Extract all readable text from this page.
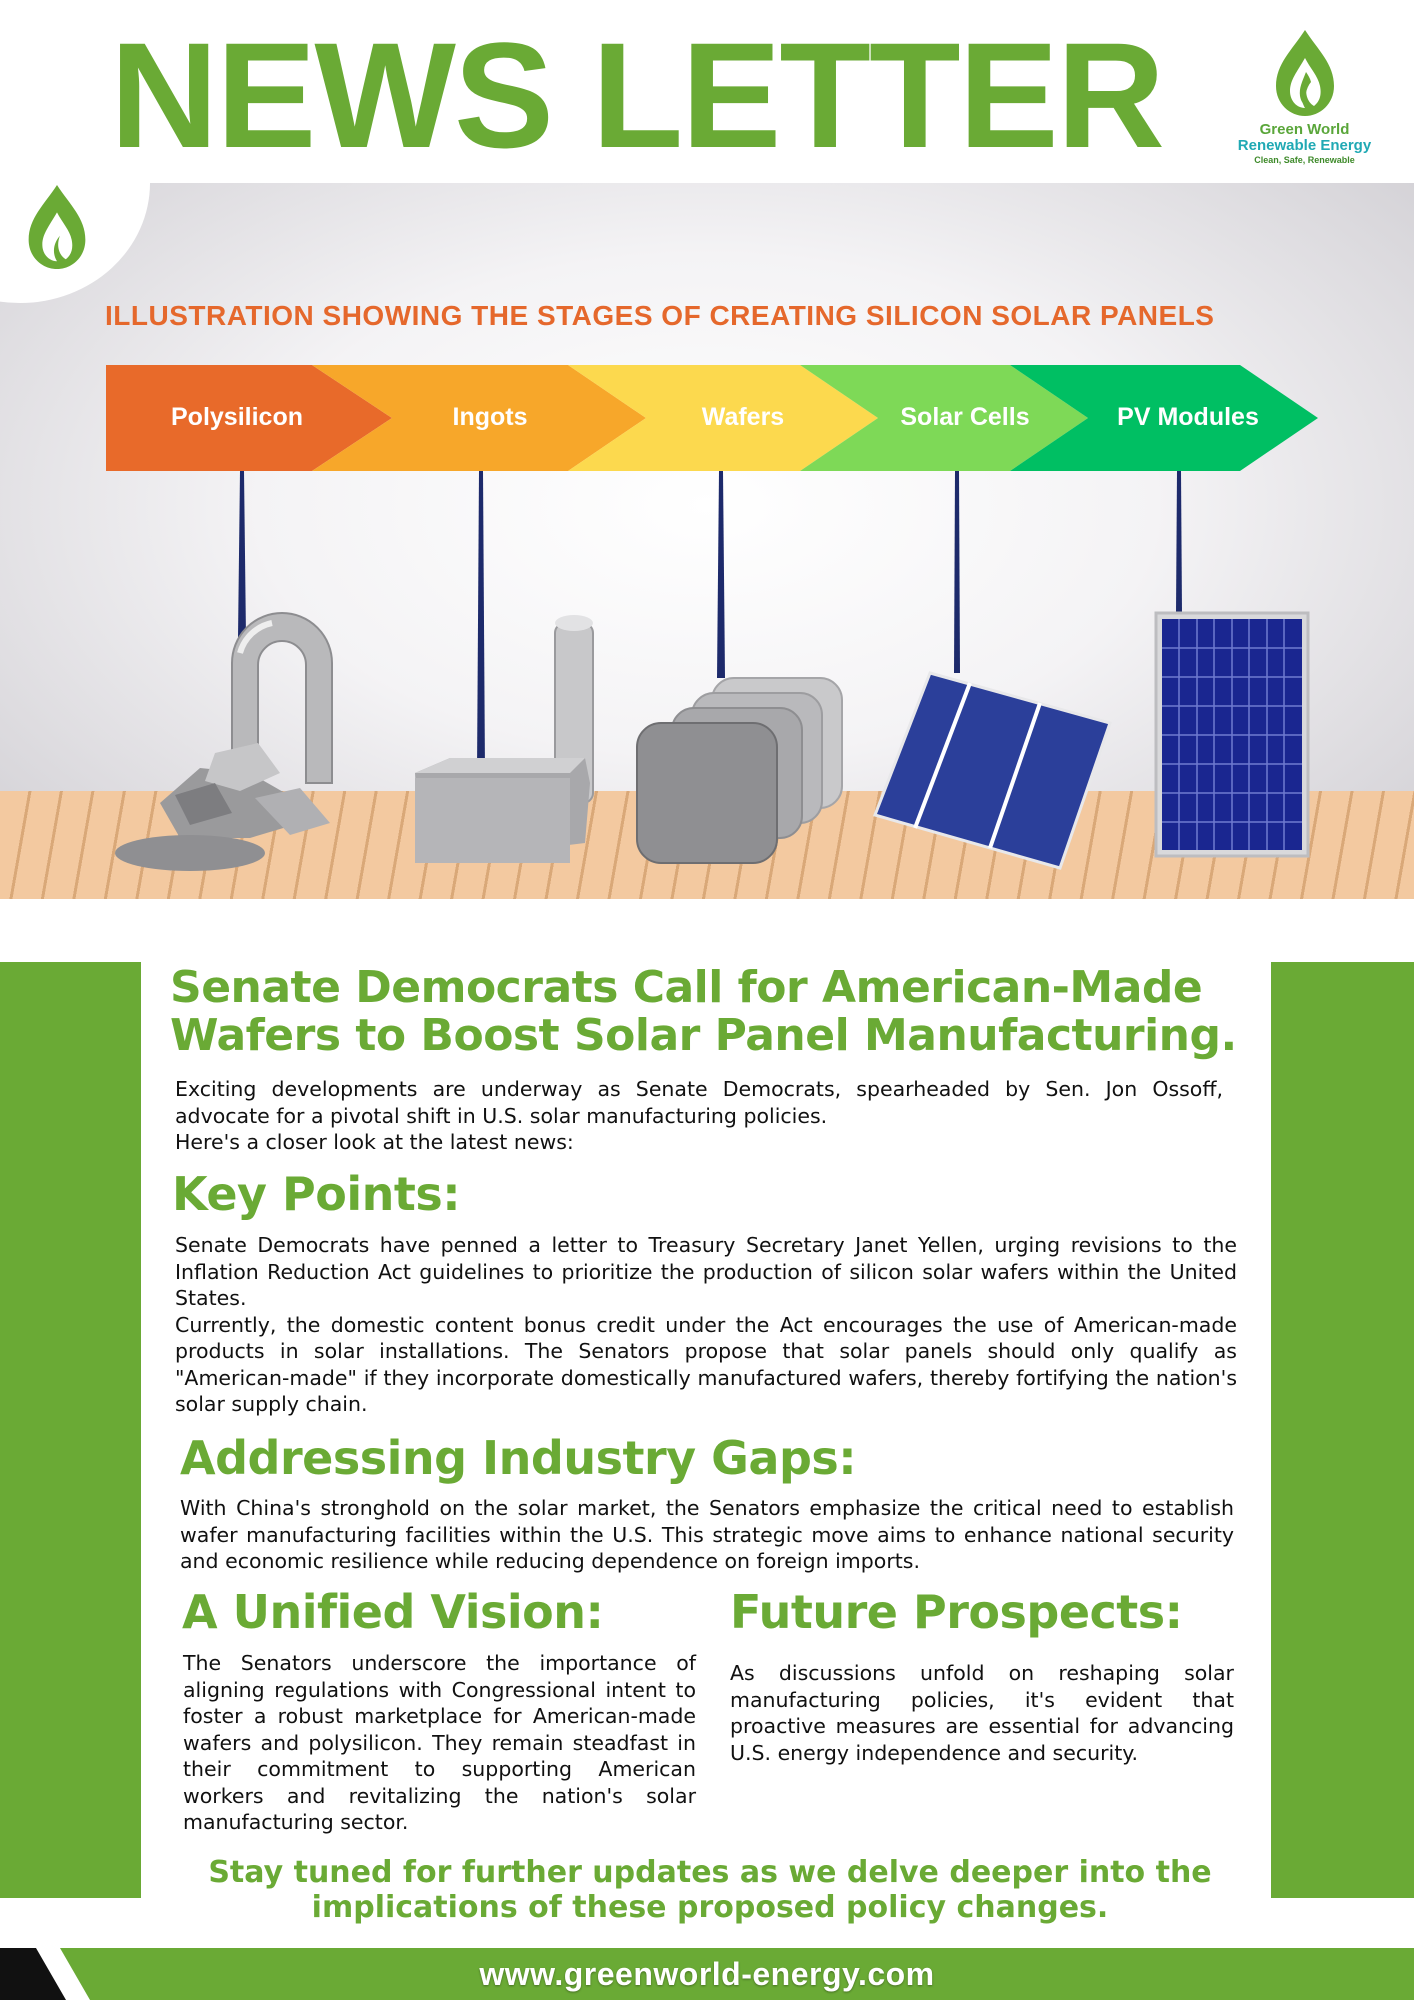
NEWS LETTER	Green World
Renewable Energy
Clean, Safe, Renewable
ILLUSTRATION SHOWING THE STAGES OF CREATING SILICON SOLAR PANELS
Polysilicon	Ingots	Wafers	Solar Cells	PV Modules
Senate Democrats Call for American-Made Wafers to Boost Solar Panel Manufacturing.
Exciting developments are underway as Senate Democrats, spearheaded by Sen. Jon Ossoff, advocate for a pivotal shift in U.S. solar manufacturing policies.
Here's a closer look at the latest news:
Key Points:
Senate Democrats have penned a letter to Treasury Secretary Janet Yellen, urging revisions to the Inflation Reduction Act guidelines to prioritize the production of silicon solar wafers within the United States.
Currently, the domestic content bonus credit under the Act encourages the use of American-made products in solar installations. The Senators propose that solar panels should only qualify as "American-made" if they incorporate domestically manufactured wafers, thereby fortifying the nation's solar supply chain.
Addressing Industry Gaps:
With China's stronghold on the solar market, the Senators emphasize the critical need to establish wafer manufacturing facilities within the U.S. This strategic move aims to enhance national security and economic resilience while reducing dependence on foreign imports.
A Unified Vision:
The Senators underscore the importance of aligning regulations with Congressional intent to foster a robust marketplace for American-made wafers and polysilicon. They remain steadfast in their commitment to supporting American workers and revitalizing the nation's solar manufacturing sector.
Future Prospects:
As discussions unfold on reshaping solar manufacturing policies, it's evident that proactive measures are essential for advancing U.S. energy independence and security.
Stay tuned for further updates as we delve deeper into the implications of these proposed policy changes.
www.greenworld-energy.com
